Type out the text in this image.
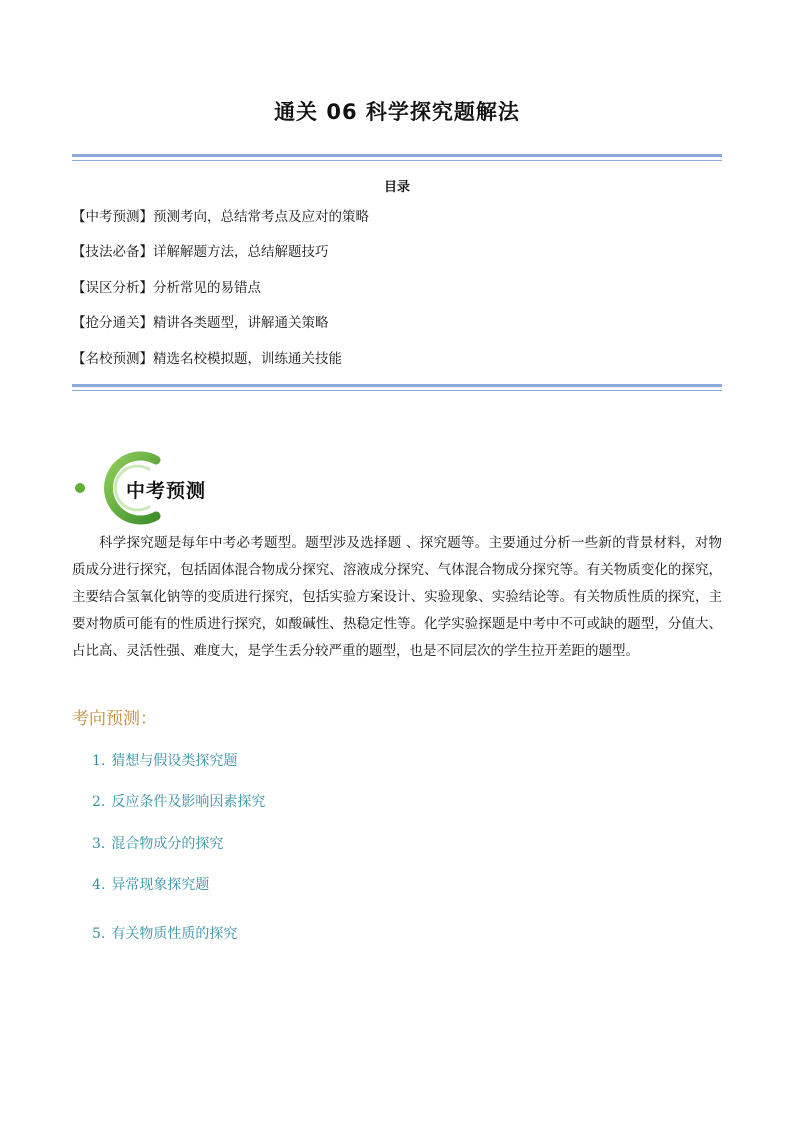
通关 06 科学探究题解法
目录
【中考预测】预测考向，总结常考点及应对的策略
【技法必备】详解解题方法，总结解题技巧
【误区分析】分析常见的易错点
【抢分通关】精讲各类题型，讲解通关策略
【名校预测】精选名校模拟题，训练通关技能
中考预测

科学探究题是每年中考必考题型。题型涉及选择题 、探究题等。主要通过分析一些新的背景材料，对物质成分进行探究，包括固体混合物成分探究、溶液成分探究、气体混合物成分探究等。有关物质变化的探究，主要结合氢氧化钠等的变质进行探究，包括实验方案设计、实验现象、实验结论等。有关物质性质的探究，主要对物质可能有的性质进行探究，如酸碱性、热稳定性等。化学实验探题是中考中不可或缺的题型，分值大、占比高、灵活性强、难度大，是学生丢分较严重的题型，也是不同层次的学生拉开差距的题型。

考向预测：
1. 猜想与假设类探究题
2. 反应条件及影响因素探究
3. 混合物成分的探究
4. 异常现象探究题
5. 有关物质性质的探究
